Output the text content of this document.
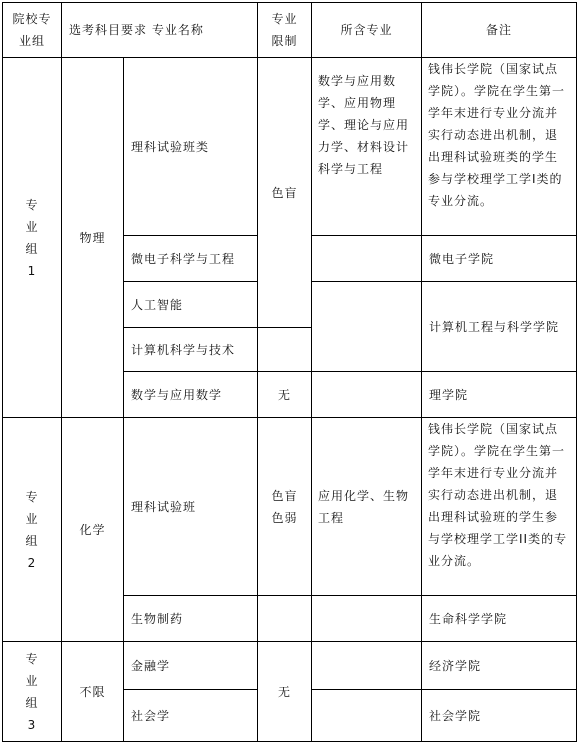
院校专业组	选考科目要求 专业名称		专业限制	所含专业	备注
专业组1	物理	理科试验班类	色盲	数学与应用数学、应用物理学、理论与应用力学、材料设计科学与工程	钱伟长学院（国家试点学院）。学院在学生第一学年末进行专业分流并实行动态进出机制，退出理科试验班类的学生参与学校理学工学I类的专业分流。
		微电子科学与工程			微电子学院
		人工智能			计算机工程与科学学院
		计算机科学与技术			
		数学与应用数学	无		理学院
专业组2	化学	理科试验班	色盲色弱	应用化学、生物工程	钱伟长学院（国家试点学院）。学院在学生第一学年末进行专业分流并实行动态进出机制，退出理科试验班的学生参与学校理学工学II类的专业分流。
		生物制药			生命科学学院
专业组3	不限	金融学	无		经济学院
		社会学			社会学院
